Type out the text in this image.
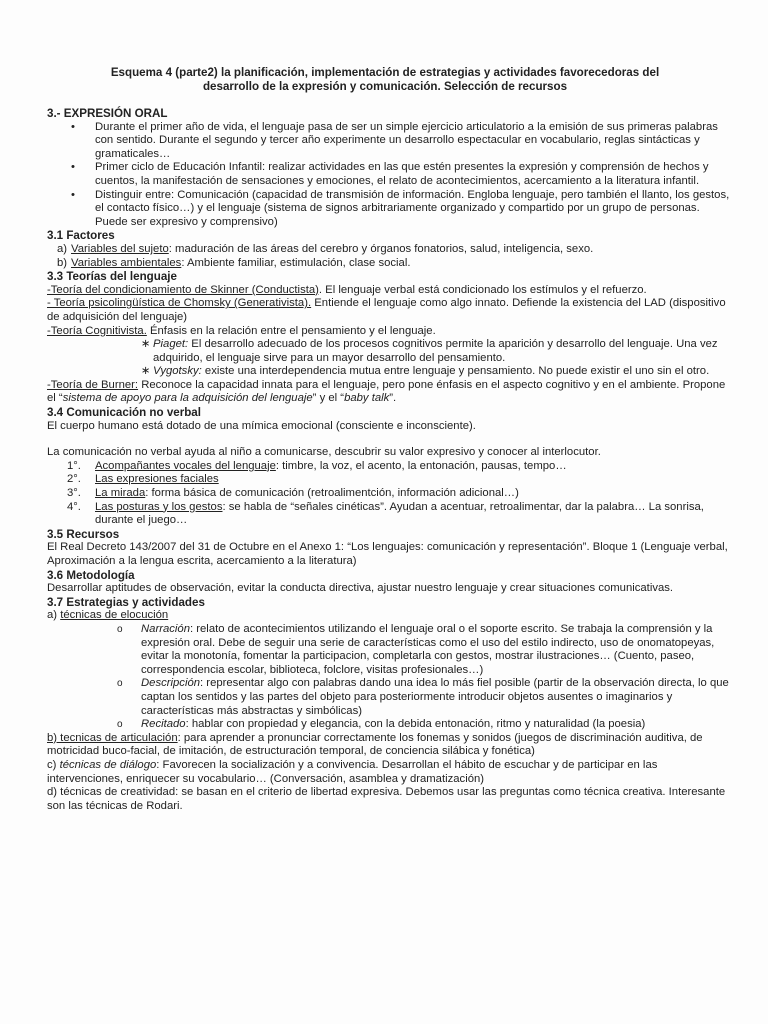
Esquema 4 (parte2) la planificación, implementación de estrategias y actividades favorecedoras del
desarrollo de la expresión y comunicación. Selección de recursos
3.- EXPRESIÓN ORAL
• Durante el primer año de vida, el lenguaje pasa de ser un simple ejercicio articulatorio a la emisión de sus primeras palabras con sentido. Durante el segundo y tercer año experimente un desarrollo espectacular en vocabulario, reglas sintácticas y gramaticales…
• Primer ciclo de Educación Infantil: realizar actividades en las que estén presentes la expresión y comprensión de hechos y cuentos, la manifestación de sensaciones y emociones, el relato de acontecimientos, acercamiento a la literatura infantil.
• Distinguir entre: Comunicación (capacidad de transmisión de información. Engloba lenguaje, pero también el llanto, los gestos, el contacto físico…) y el lenguaje (sistema de signos arbitrariamente organizado y compartido por un grupo de personas. Puede ser expresivo y comprensivo)
3.1 Factores
a) Variables del sujeto: maduración de las áreas del cerebro y órganos fonatorios, salud, inteligencia, sexo.
b) Variables ambientales: Ambiente familiar, estimulación, clase social.
3.3 Teorías del lenguaje

-Teoría del condicionamiento de Skinner (Conductista). El lenguaje verbal está condicionado los estímulos y el refuerzo.

- Teoría psicolingüística de Chomsky (Generativista). Entiende el lenguaje como algo innato. Defiende la existencia del LAD (dispositivo de adquisición del lenguaje)

-Teoría Cognitivista. Énfasis en la relación entre el pensamiento y el lenguaje.

∗ Piaget: El desarrollo adecuado de los procesos cognitivos permite la aparición y desarrollo del lenguaje. Una vez adquirido, el lenguaje sirve para un mayor desarrollo del pensamiento.
∗ Vygotsky: existe una interdependencia mutua entre lenguaje y pensamiento. No puede existir el uno sin el otro.

-Teoría de Burner: Reconoce la capacidad innata para el lenguaje, pero pone énfasis en el aspecto cognitivo y en el ambiente. Propone el “sistema de apoyo para la adquisición del lenguaje” y el “baby talk”.

3.4 Comunicación no verbal

El cuerpo humano está dotado de una mímica emocional (consciente e inconsciente).

La comunicación no verbal ayuda al niño a comunicarse, descubrir su valor expresivo y conocer al interlocutor.

1°. Acompañantes vocales del lenguaje: timbre, la voz, el acento, la entonación, pausas, tempo…
2°. Las expresiones faciales
3°. La mirada: forma básica de comunicación (retroalimentción, información adicional…)
4°. Las posturas y los gestos: se habla de “señales cinéticas”. Ayudan a acentuar, retroalimentar, dar la palabra… La sonrisa, durante el juego…
3.5 Recursos

El Real Decreto 143/2007 del 31 de Octubre en el Anexo 1: “Los lenguajes: comunicación y representación”. Bloque 1 (Lenguaje verbal, Aproximación a la lengua escrita, acercamiento a la literatura)

3.6 Metodología

Desarrollar aptitudes de observación, evitar la conducta directiva, ajustar nuestro lenguaje y crear situaciones comunicativas.

3.7 Estrategias y actividades

a) técnicas de elocución

o Narración: relato de acontecimientos utilizando el lenguaje oral o el soporte escrito. Se trabaja la comprensión y la expresión oral. Debe de seguir una serie de características como el uso del estilo indirecto, uso de onomatopeyas, evitar la monotonía, fomentar la participacion, completarla con gestos, mostrar ilustraciones… (Cuento, paseo, correspondencia escolar, biblioteca, folclore, visitas profesionales…)
o Descripción: representar algo con palabras dando una idea lo más fiel posible (partir de la observación directa, lo que captan los sentidos y las partes del objeto para posteriormente introducir objetos ausentes o imaginarios y características más abstractas y simbólicas)
o Recitado: hablar con propiedad y elegancia, con la debida entonación, ritmo y naturalidad (la poesia)

b) tecnicas de articulación: para aprender a pronunciar correctamente los fonemas y sonidos (juegos de discriminación auditiva, de motricidad buco-facial, de imitación, de estructuración temporal, de conciencia silábica y fonética)

c) técnicas de diálogo: Favorecen la socialización y a convivencia. Desarrollan el hábito de escuchar y de participar en las intervenciones, enriquecer su vocabulario… (Conversación, asamblea y dramatización)

d) técnicas de creatividad: se basan en el criterio de libertad expresiva. Debemos usar las preguntas como técnica creativa. Interesante son las técnicas de Rodari.
